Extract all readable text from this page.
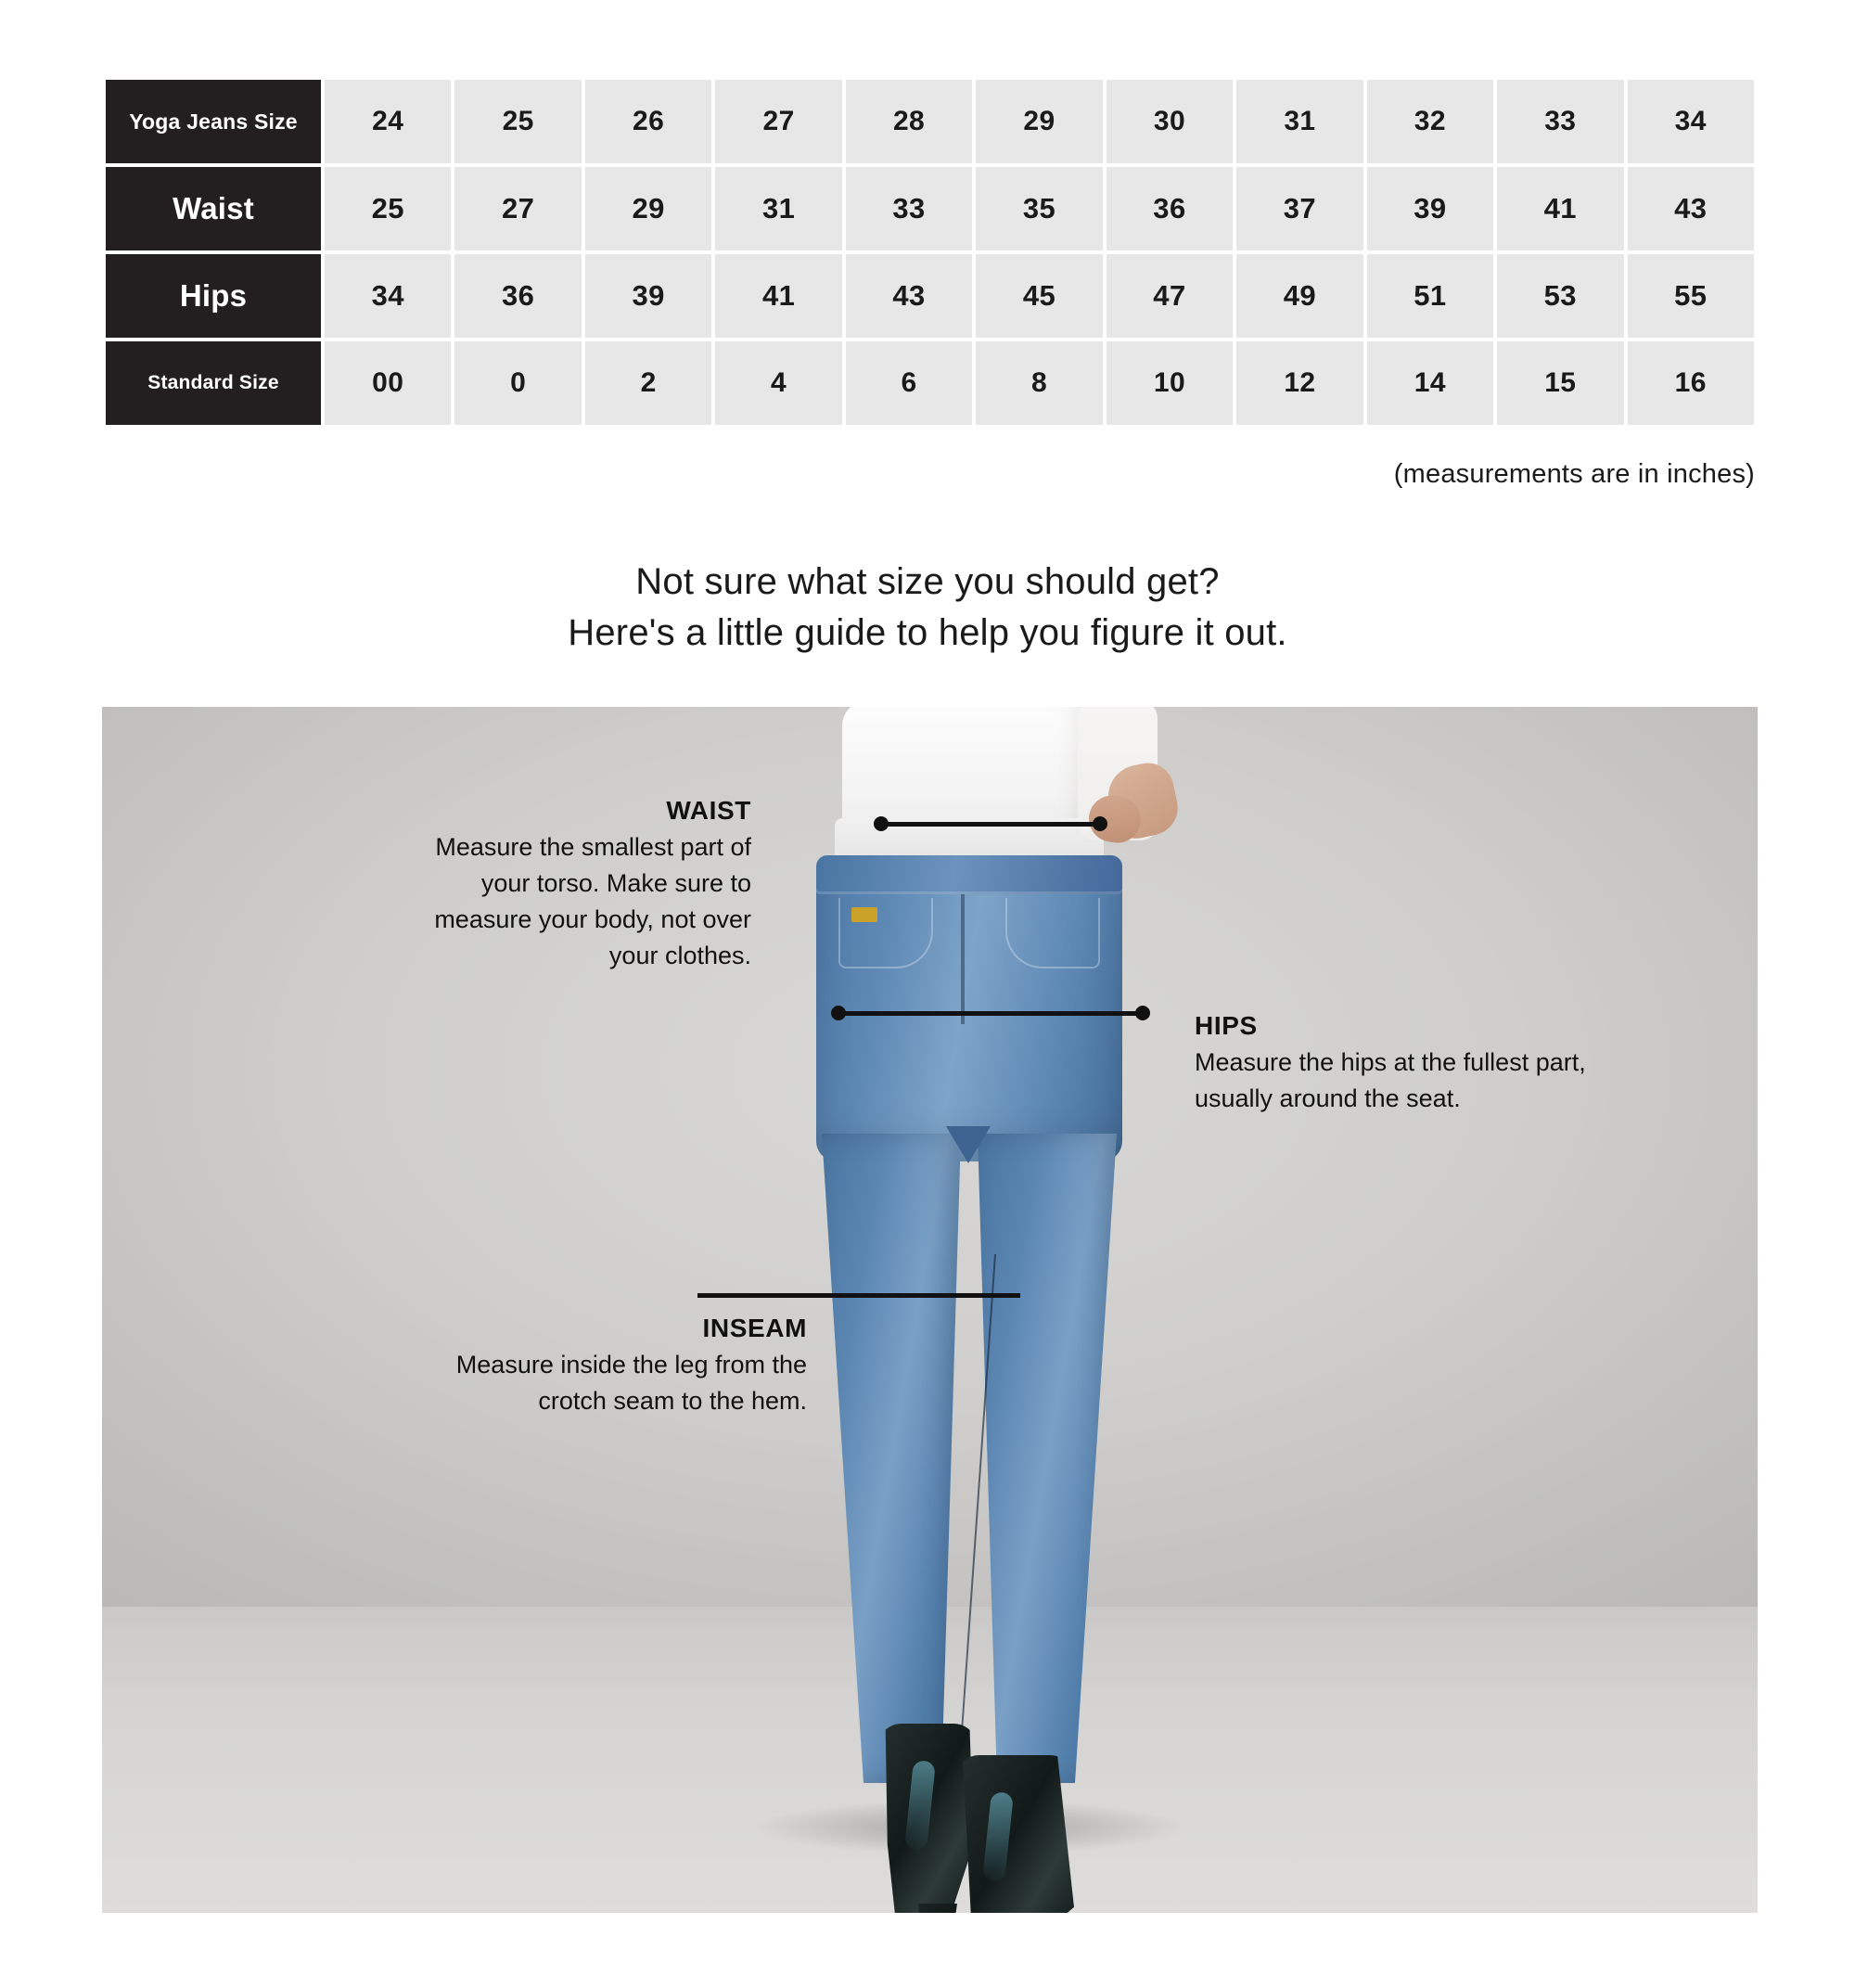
Yoga Jeans Size	24	25	26	27	28	29	30	31	32	33	34
Waist	25	27	29	31	33	35	36	37	39	41	43
Hips	34	36	39	41	43	45	47	49	51	53	55
Standard Size	00	0	2	4	6	8	10	12	14	15	16
(measurements are in inches)
Not sure what size you should get?
Here's a little guide to help you figure it out.
WAIST
Measure the smallest part of your torso. Make sure to measure your body, not over your clothes.
HIPS
Measure the hips at the fullest part, usually around the seat.
INSEAM
Measure inside the leg from the crotch seam to the hem.
